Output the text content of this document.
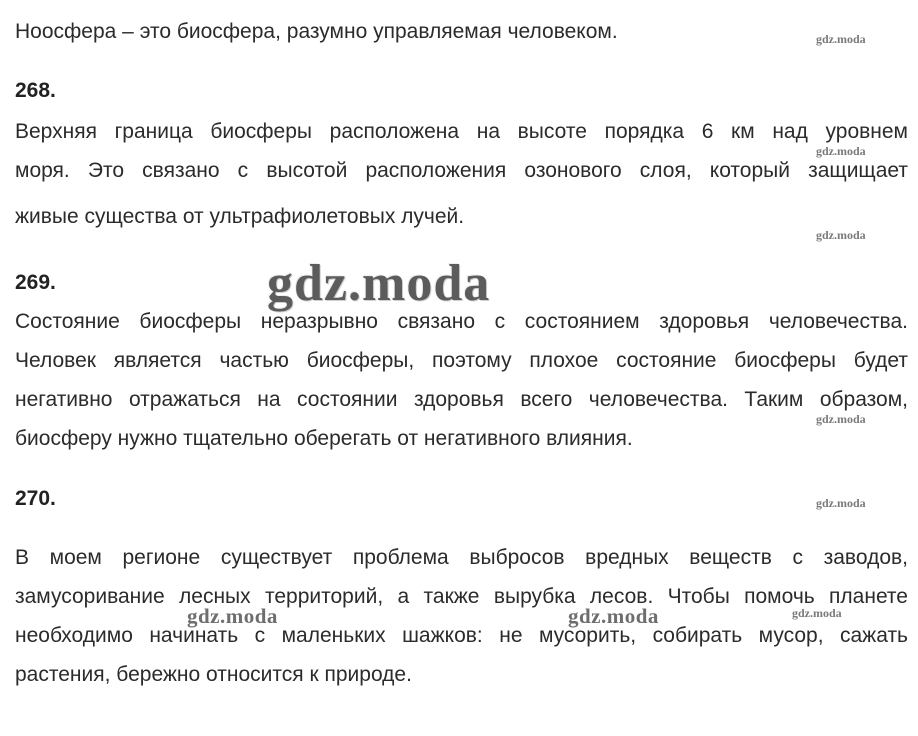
Ноосфера – это биосфера, разумно управляемая человеком.
268.
Верхняя граница биосферы расположена на высоте порядка 6 км над уровнем
моря. Это связано с высотой расположения озонового слоя, который защищает
живые существа от ультрафиолетовых лучей.
269.
Состояние биосферы неразрывно связано с состоянием здоровья человечества.
Человек является частью биосферы, поэтому плохое состояние биосферы будет
негативно отражаться на состоянии здоровья всего человечества. Таким образом,
биосферу нужно тщательно оберегать от негативного влияния.
270.
В моем регионе существует проблема выбросов вредных веществ с заводов,
замусоривание лесных территорий, а также вырубка лесов. Чтобы помочь планете
необходимо начинать с маленьких шажков: не мусорить, собирать мусор, сажать
растения, бережно относится к природе.
gdz.moda
gdz.moda
gdz.moda
gdz.moda
gdz.moda
gdz.moda
gdz.moda
gdz.moda	gdz.moda
